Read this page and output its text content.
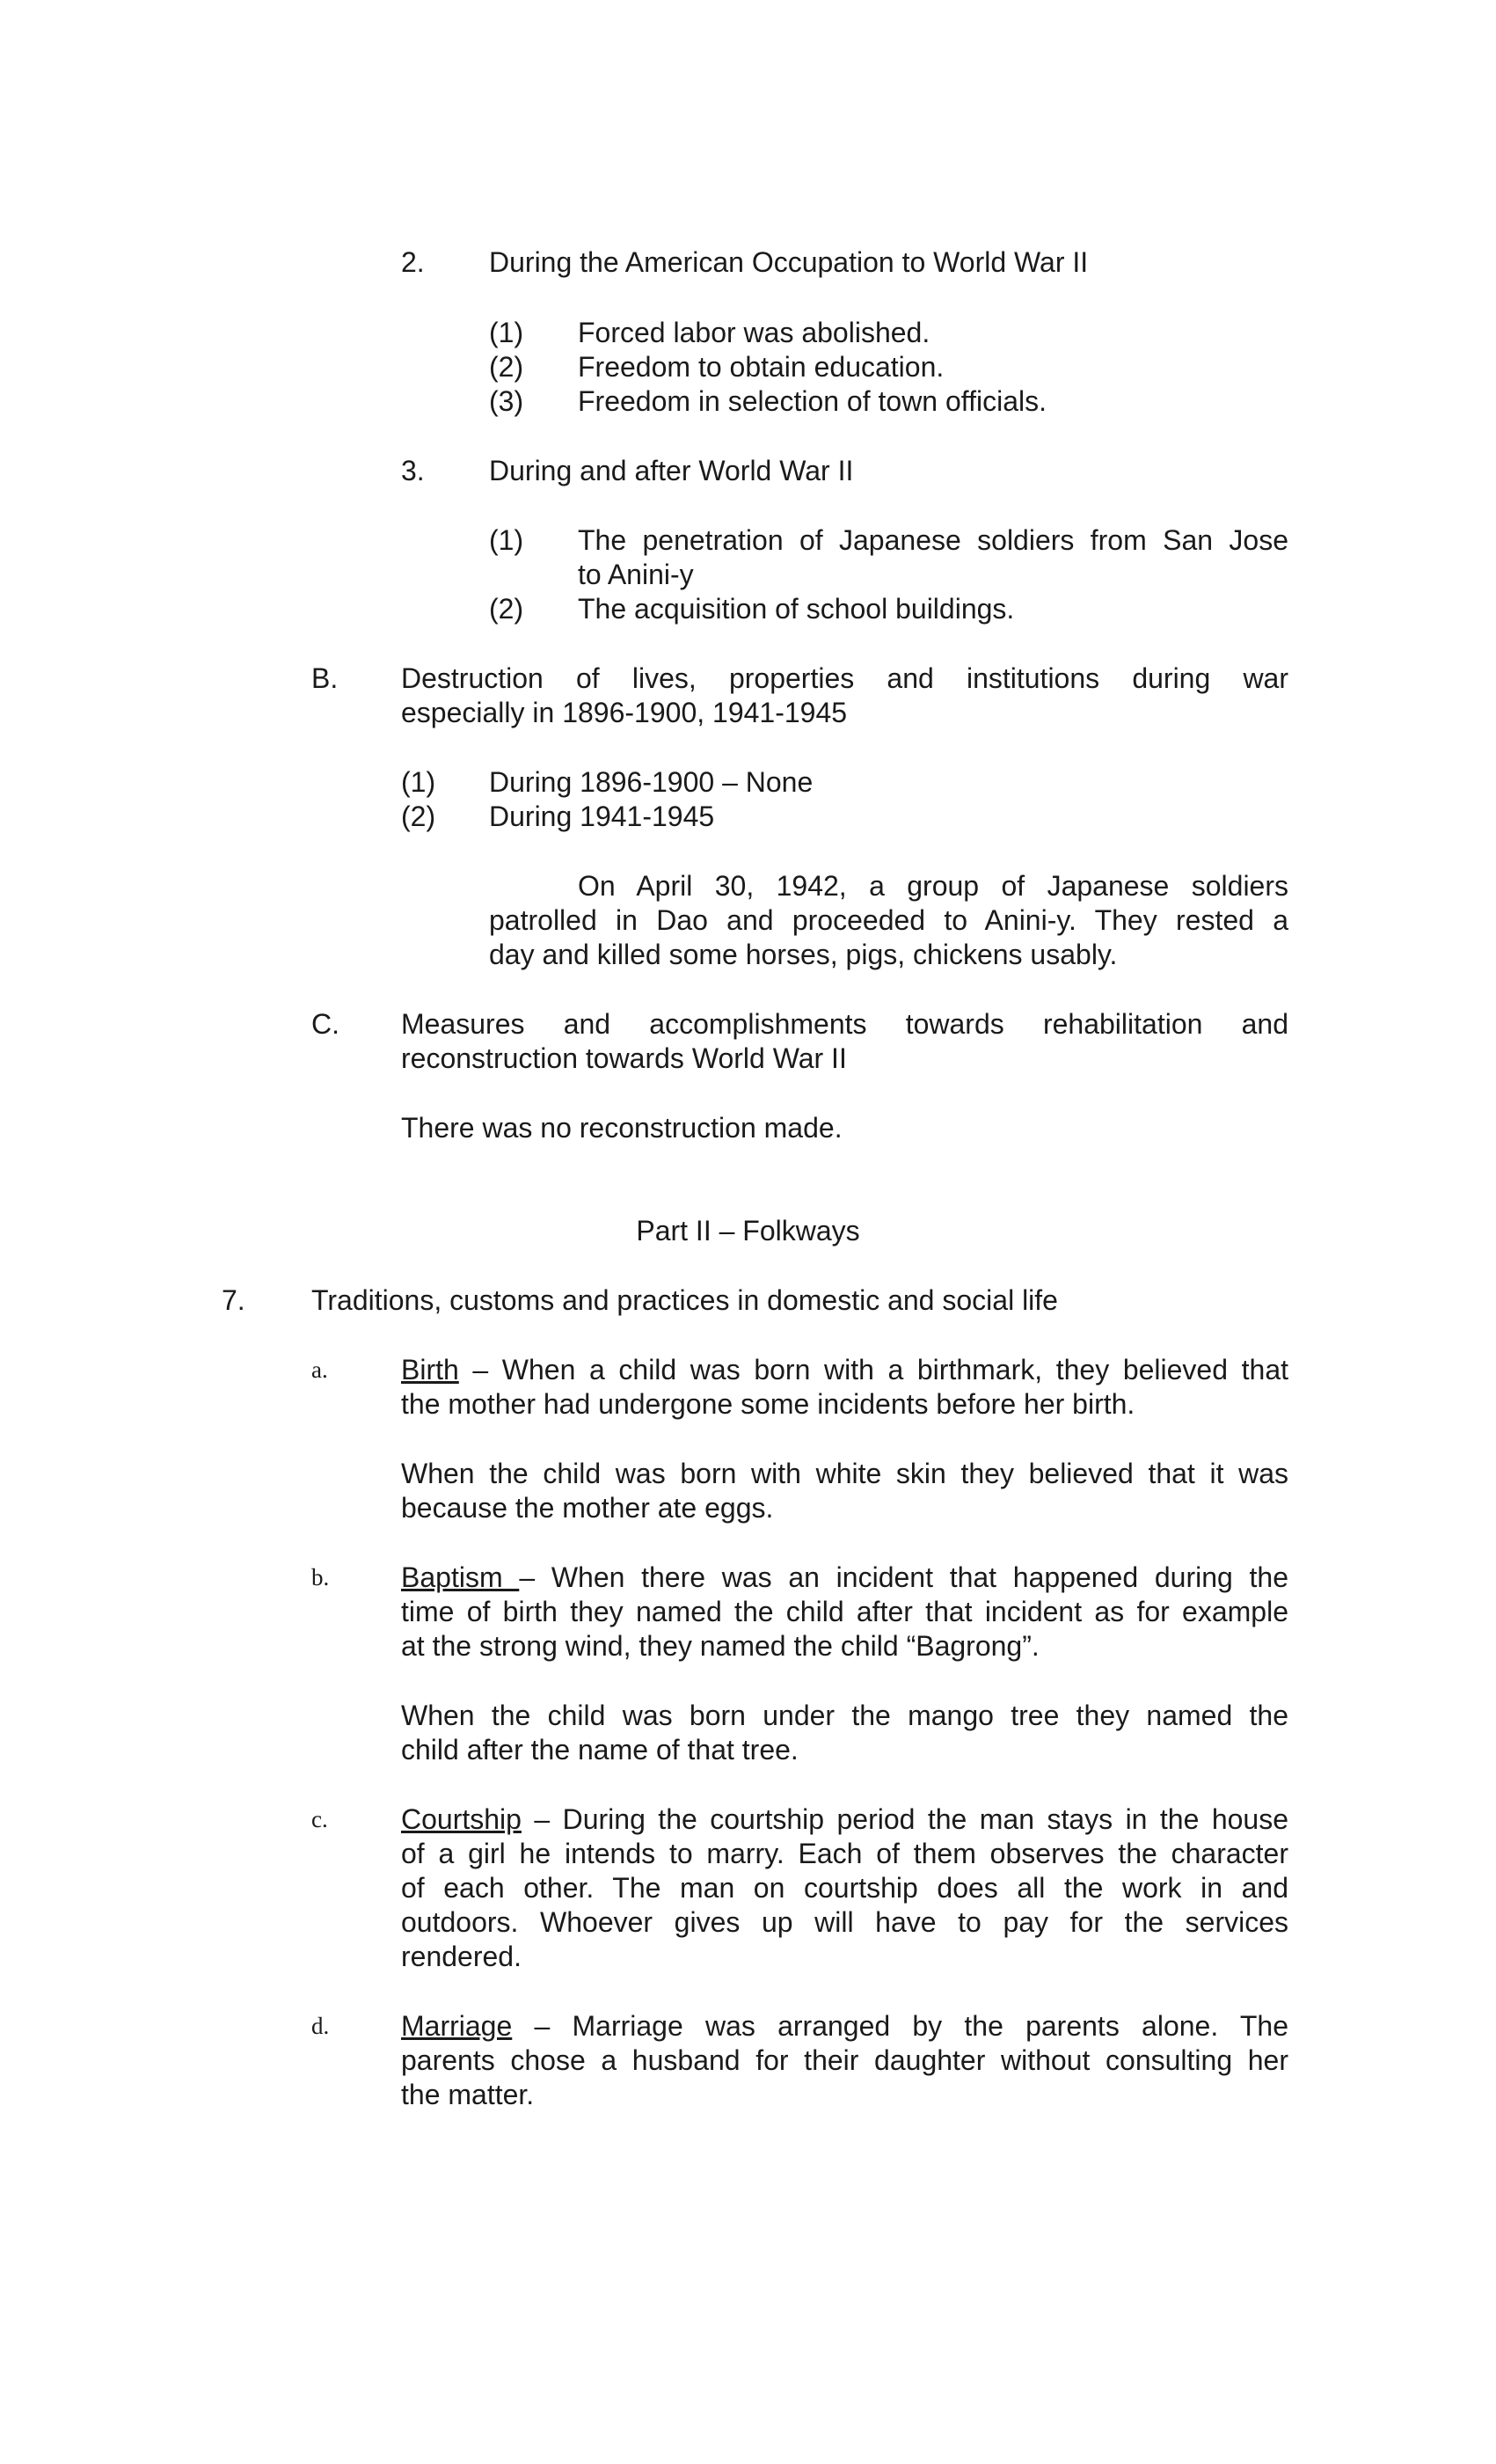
2. During the American Occupation to World War II
(1) Forced labor was abolished.
(2) Freedom to obtain education.
(3) Freedom in selection of town officials.
3. During and after World War II
(1) The penetration of Japanese soldiers from San Jose
to Anini-y
(2) The acquisition of school buildings.
B. Destruction of lives, properties and institutions during war
especially in 1896-1900, 1941-1945
(1) During 1896-1900 – None
(2) During 1941-1945
On April 30, 1942, a group of Japanese soldiers
patrolled in Dao and proceeded to Anini-y. They rested a
day and killed some horses, pigs, chickens usably.
C. Measures and accomplishments towards rehabilitation and
reconstruction towards World War II
There was no reconstruction made.
Part II – Folkways
7. Traditions, customs and practices in domestic and social life
a.	Birth – When a child was born with a birthmark, they believed that
the mother had undergone some incidents before her birth.
When the child was born with white skin they believed that it was
because the mother ate eggs.
b.	Baptism – When there was an incident that happened during the
time of birth they named the child after that incident as for example
at the strong wind, they named the child “Bagrong”.
When the child was born under the mango tree they named the
child after the name of that tree.
c.	Courtship – During the courtship period the man stays in the house
of a girl he intends to marry. Each of them observes the character
of each other. The man on courtship does all the work in and
outdoors. Whoever gives up will have to pay for the services
rendered.
d.	Marriage – Marriage was arranged by the parents alone. The
parents chose a husband for their daughter without consulting her
the matter.
